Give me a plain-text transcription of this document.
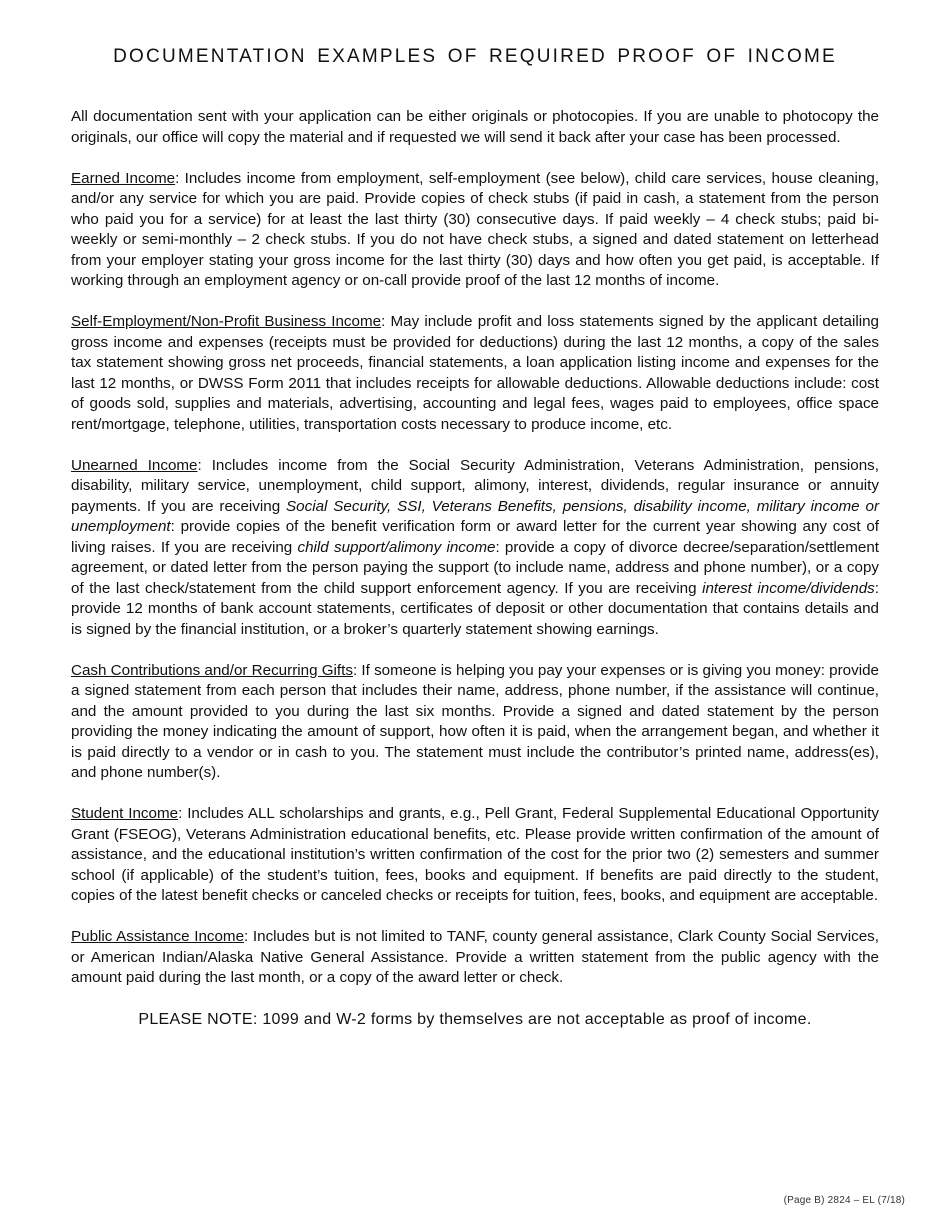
DOCUMENTATION EXAMPLES OF REQUIRED PROOF OF INCOME

All documentation sent with your application can be either originals or photocopies. If you are unable to photocopy the originals, our office will copy the material and if requested we will send it back after your case has been processed.

Earned Income: Includes income from employment, self-employment (see below), child care services, house cleaning, and/or any service for which you are paid. Provide copies of check stubs (if paid in cash, a statement from the person who paid you for a service) for at least the last thirty (30) consecutive days. If paid weekly – 4 check stubs; paid bi-weekly or semi-monthly – 2 check stubs. If you do not have check stubs, a signed and dated statement on letterhead from your employer stating your gross income for the last thirty (30) days and how often you get paid, is acceptable. If working through an employment agency or on-call provide proof of the last 12 months of income.

Self-Employment/Non-Profit Business Income: May include profit and loss statements signed by the applicant detailing gross income and expenses (receipts must be provided for deductions) during the last 12 months, a copy of the sales tax statement showing gross net proceeds, financial statements, a loan application listing income and expenses for the last 12 months, or DWSS Form 2011 that includes receipts for allowable deductions. Allowable deductions include: cost of goods sold, supplies and materials, advertising, accounting and legal fees, wages paid to employees, office space rent/mortgage, telephone, utilities, transportation costs necessary to produce income, etc.

Unearned Income: Includes income from the Social Security Administration, Veterans Administration, pensions, disability, military service, unemployment, child support, alimony, interest, dividends, regular insurance or annuity payments. If you are receiving Social Security, SSI, Veterans Benefits, pensions, disability income, military income or unemployment: provide copies of the benefit verification form or award letter for the current year showing any cost of living raises. If you are receiving child support/alimony income: provide a copy of divorce decree/separation/settlement agreement, or dated letter from the person paying the support (to include name, address and phone number), or a copy of the last check/statement from the child support enforcement agency. If you are receiving interest income/dividends: provide 12 months of bank account statements, certificates of deposit or other documentation that contains details and is signed by the financial institution, or a broker’s quarterly statement showing earnings.

Cash Contributions and/or Recurring Gifts: If someone is helping you pay your expenses or is giving you money: provide a signed statement from each person that includes their name, address, phone number, if the assistance will continue, and the amount provided to you during the last six months. Provide a signed and dated statement by the person providing the money indicating the amount of support, how often it is paid, when the arrangement began, and whether it is paid directly to a vendor or in cash to you. The statement must include the contributor’s printed name, address(es), and phone number(s).

Student Income: Includes ALL scholarships and grants, e.g., Pell Grant, Federal Supplemental Educational Opportunity Grant (FSEOG), Veterans Administration educational benefits, etc. Please provide written confirmation of the amount of assistance, and the educational institution’s written confirmation of the cost for the prior two (2) semesters and summer school (if applicable) of the student’s tuition, fees, books and equipment. If benefits are paid directly to the student, copies of the latest benefit checks or canceled checks or receipts for tuition, fees, books, and equipment are acceptable.

Public Assistance Income: Includes but is not limited to TANF, county general assistance, Clark County Social Services, or American Indian/Alaska Native General Assistance. Provide a written statement from the public agency with the amount paid during the last month, or a copy of the award letter or check.

PLEASE NOTE: 1099 and W-2 forms by themselves are not acceptable as proof of income.

(Page B) 2824 – EL (7/18)
